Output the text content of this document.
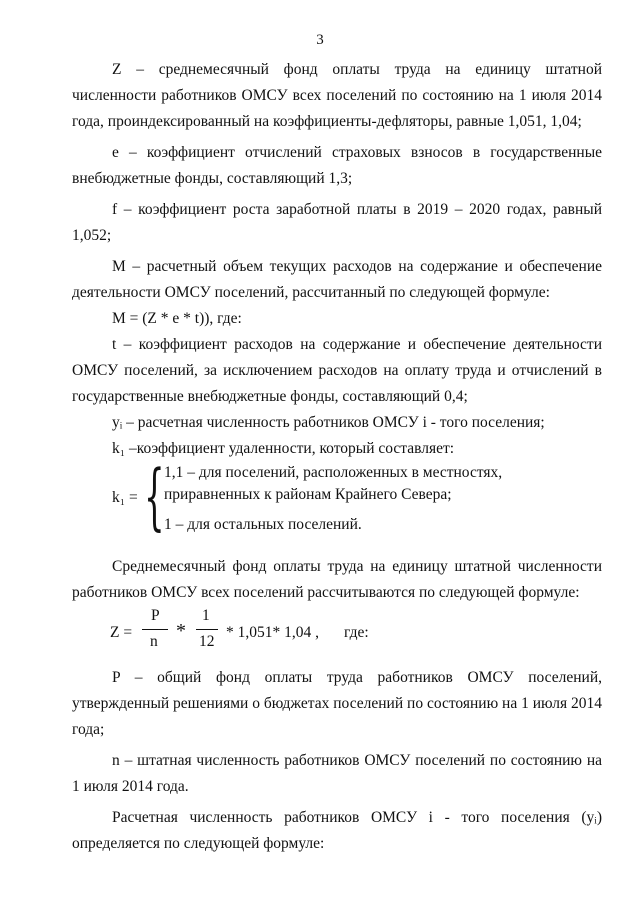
3

Z – среднемесячный фонд оплаты труда на единицу штатной численности работников ОМСУ всех поселений по состоянию на 1 июля 2014 года, проиндексированный на коэффициенты-дефляторы, равные 1,051, 1,04;

e – коэффициент отчислений страховых взносов в государственные внебюджетные фонды, составляющий 1,3;

f – коэффициент роста заработной платы в 2019 – 2020 годах, равный 1,052;

M – расчетный объем текущих расходов на содержание и обеспечение деятельности ОМСУ поселений, рассчитанный по следующей формуле:

M = (Z * e * t)), где:

t – коэффициент расходов на содержание и обеспечение деятельности ОМСУ поселений, за исключением расходов на оплату труда и отчислений в государственные внебюджетные фонды, составляющий 0,4;

yᵢ – расчетная численность работников ОМСУ i - того поселения;

k₁ –коэффициент удаленности, который составляет:

k₁ = { 1,1 – для поселений, расположенных в местностях,
приравненных к районам Крайнего Севера;
1 – для остальных поселений.

Среднемесячный фонд оплаты труда на единицу штатной численности работников ОМСУ всех поселений рассчитываются по следующей формуле:

Z =
P
n *
1
12
* 1,051* 1,04 , где:

P – общий фонд оплаты труда работников ОМСУ поселений, утвержденный решениями о бюджетах поселений по состоянию на 1 июля 2014 года;

n – штатная численность работников ОМСУ поселений по состоянию на 1 июля 2014 года.

Расчетная численность работников ОМСУ i - того поселения (yᵢ) определяется по следующей формуле:
